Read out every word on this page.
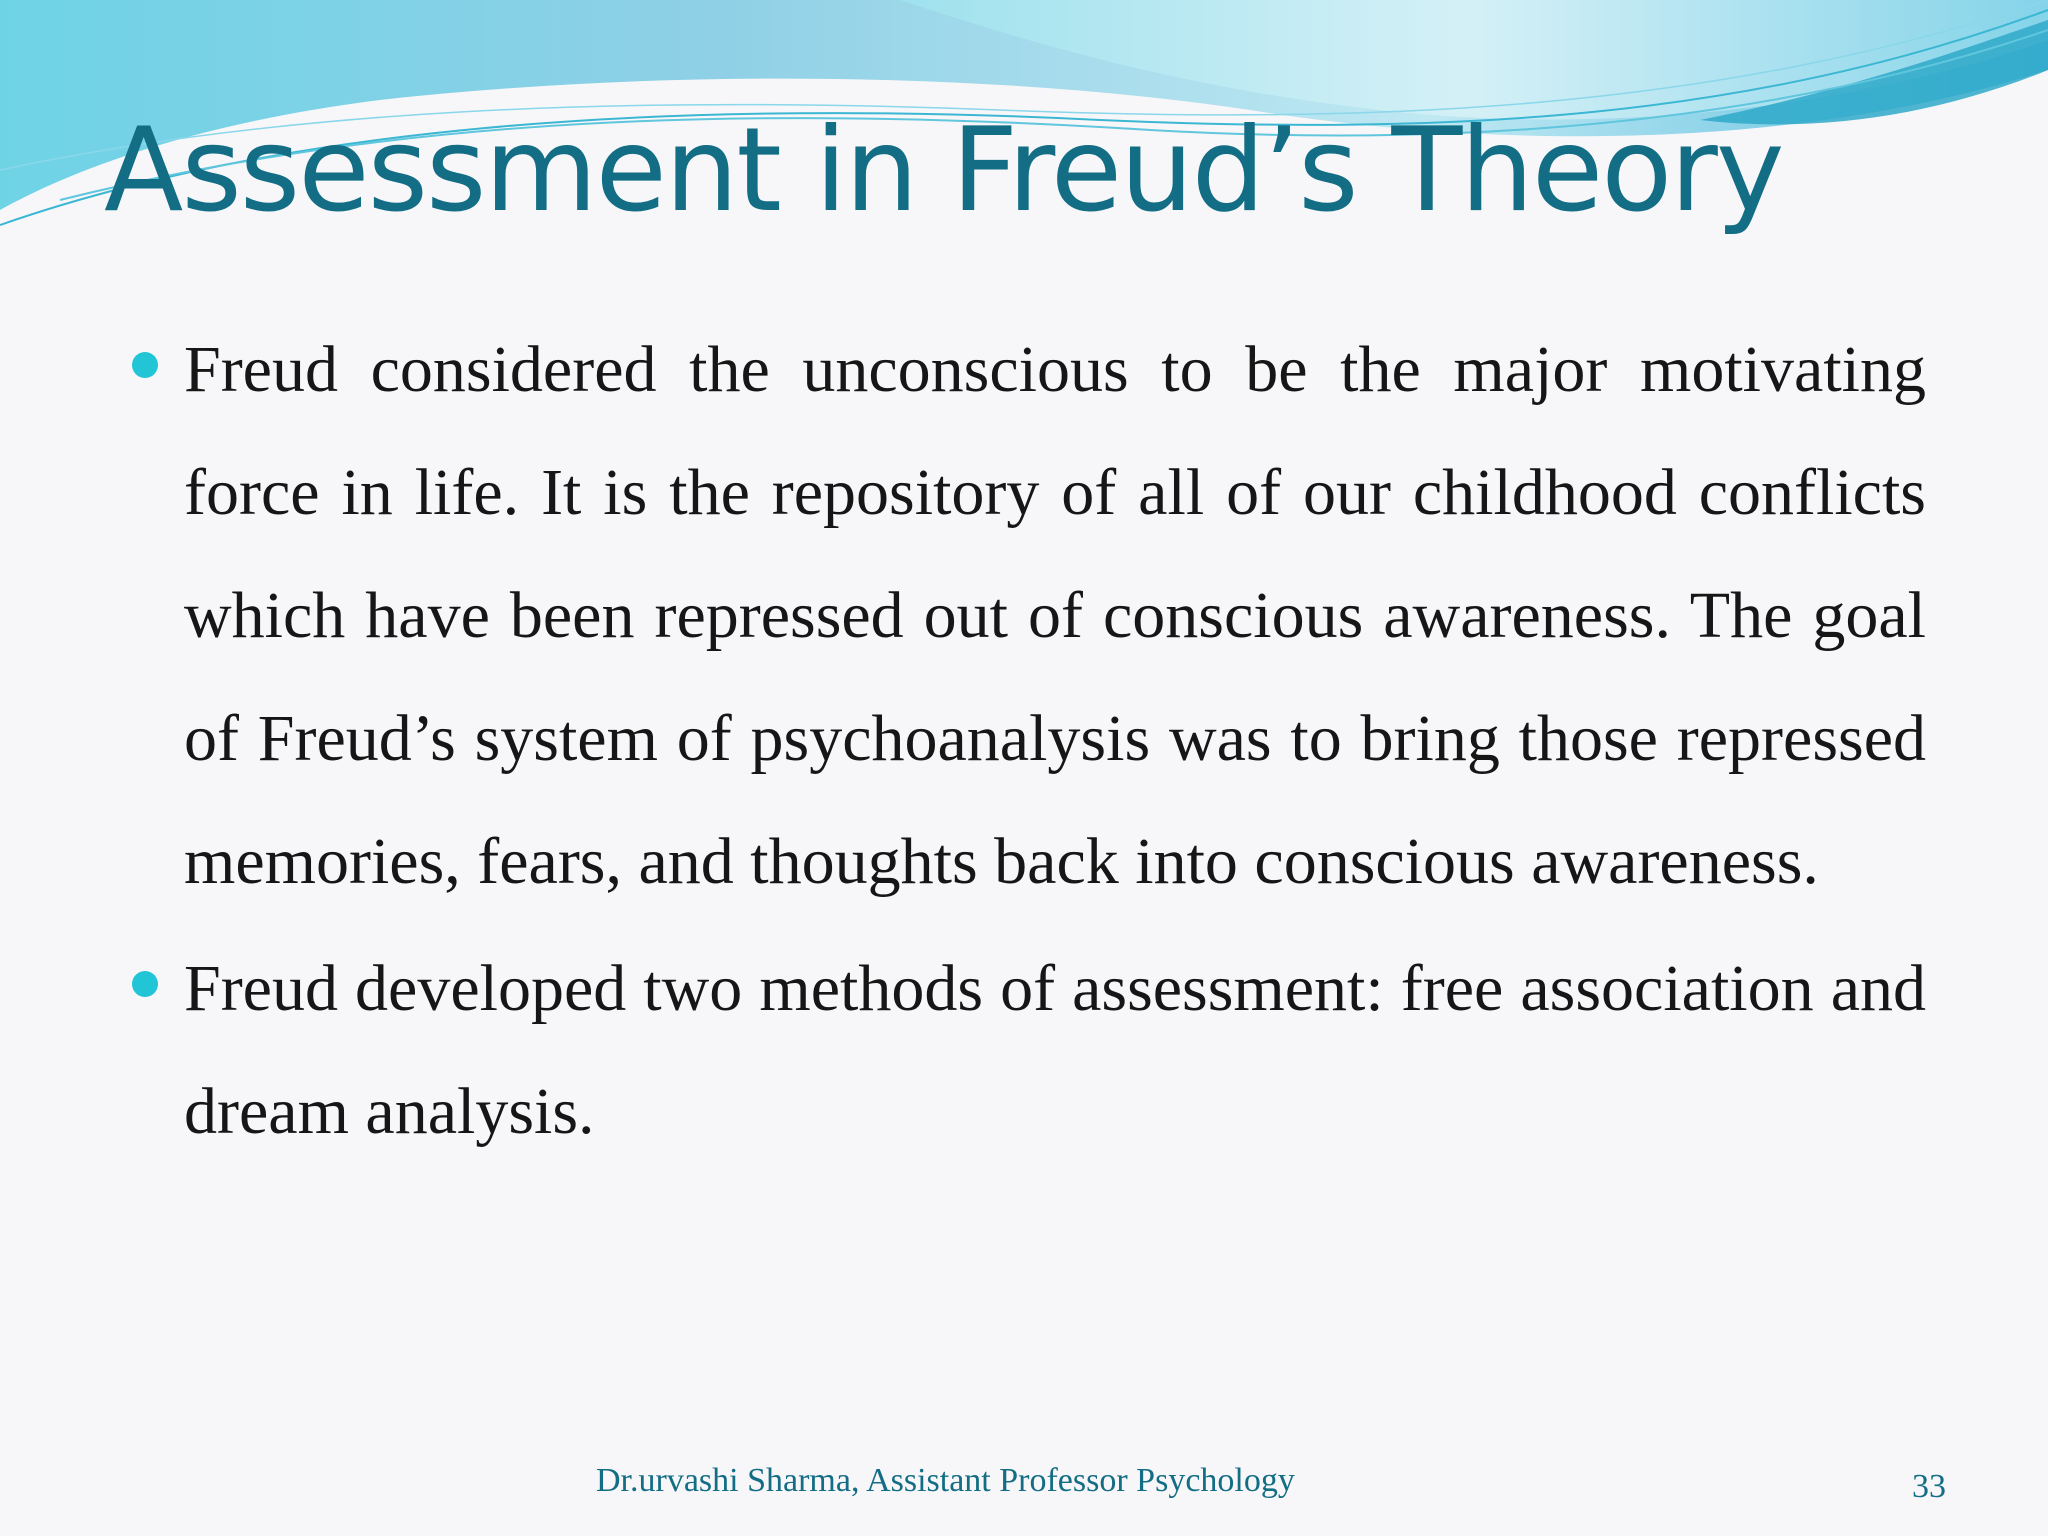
Assessment in Freud’s Theory

Freud considered the unconscious to be the major motivating force in life. It is the repository of all of our childhood conflicts which have been repressed out of conscious awareness. The goal of Freud’s system of psychoanalysis was to bring those repressed memories, fears, and thoughts back into conscious awareness.

Freud developed two methods of assessment: free association and dream analysis.

Dr.urvashi Sharma, Assistant Professor Psychology	33
